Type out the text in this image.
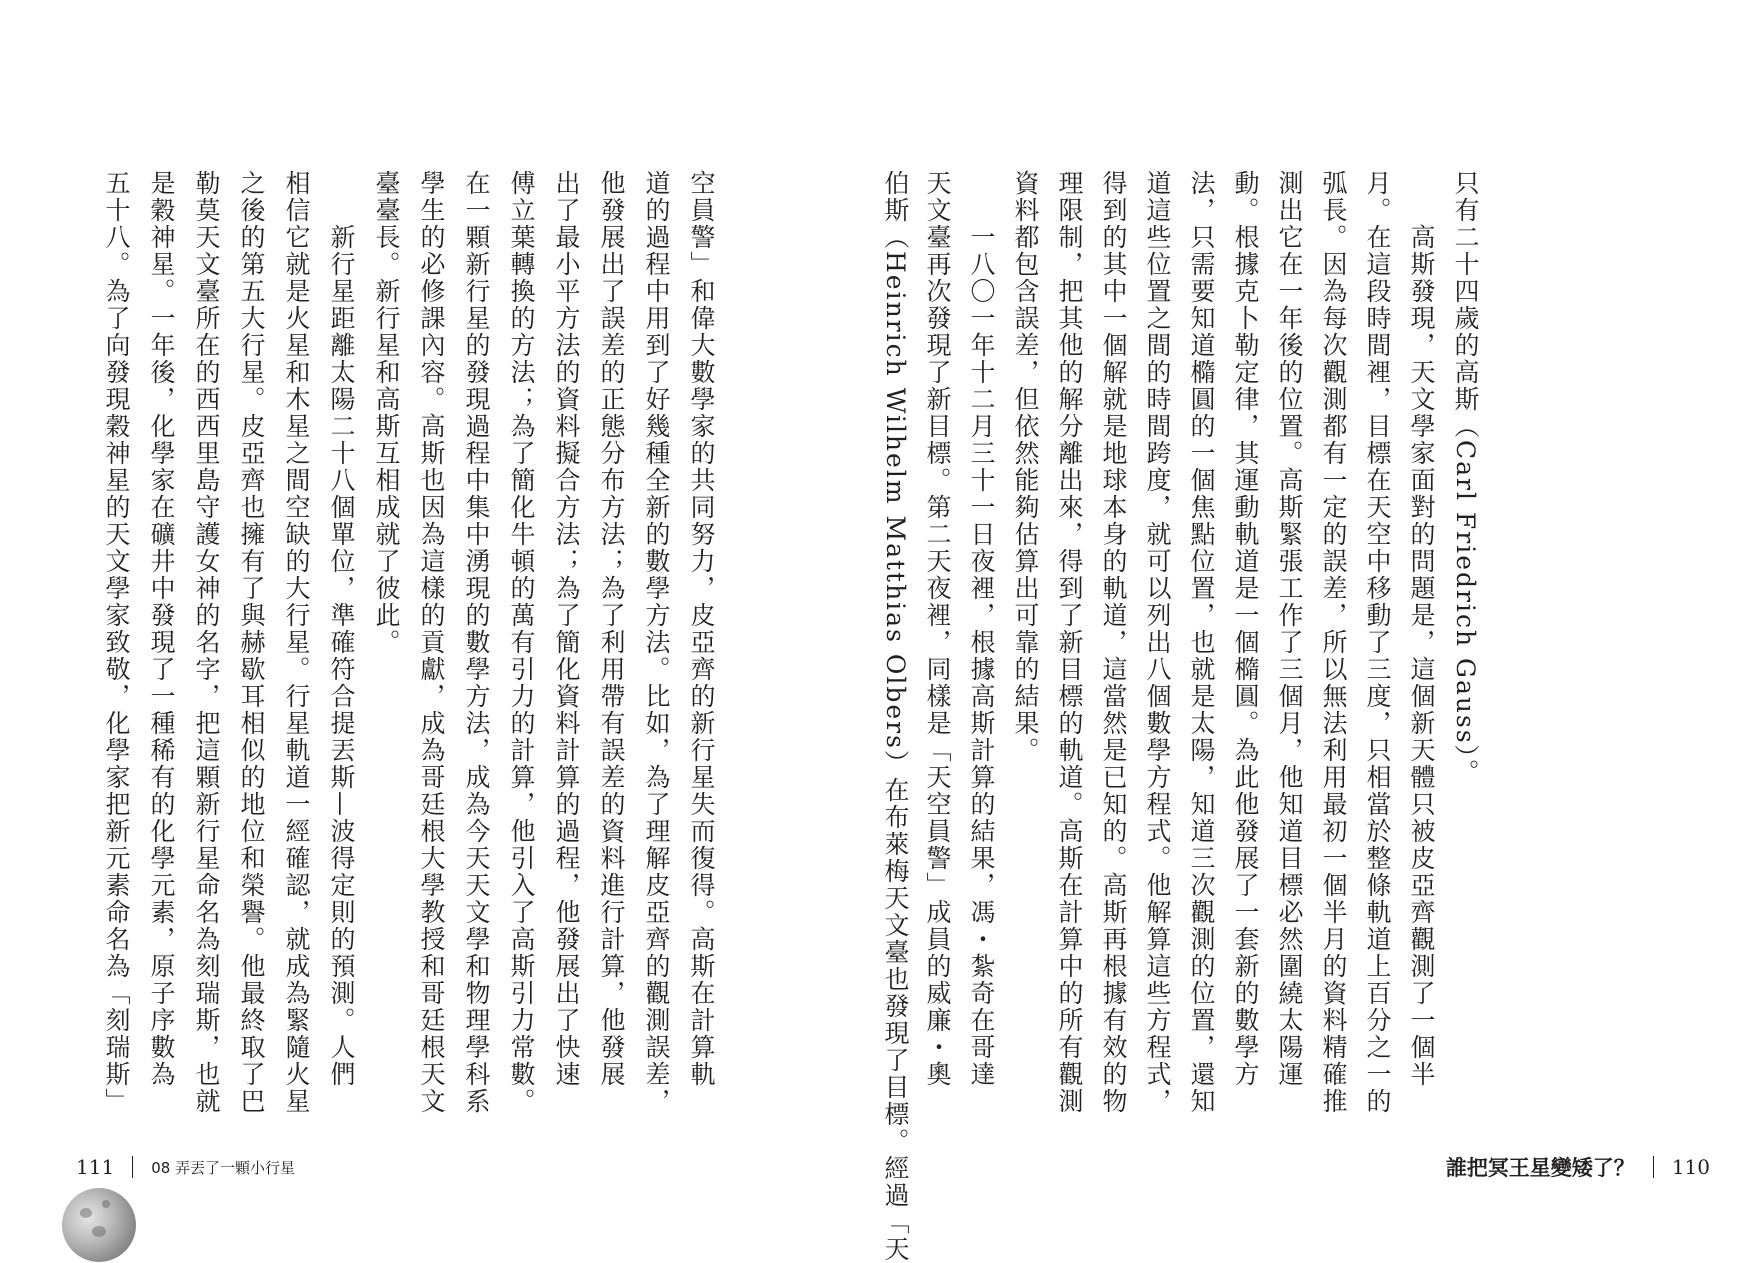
空員警」和偉大數學家的共同努力，皮亞齊的新行星失而復得。高斯在計算軌
道的過程中用到了好幾種全新的數學方法。比如，為了理解皮亞齊的觀測誤差，
他發展出了誤差的正態分布方法；為了利用帶有誤差的資料進行計算，他發展
出了最小平方法的資料擬合方法；為了簡化資料計算的過程，他發展出了快速
傅立葉轉換的方法；為了簡化牛頓的萬有引力的計算，他引入了高斯引力常數。
在一顆新行星的發現過程中集中湧現的數學方法，成為今天天文學和物理學科系
學生的必修課內容。高斯也因為這樣的貢獻，成為哥廷根大學教授和哥廷根天文
臺臺長。新行星和高斯互相成就了彼此。
　　新行星距離太陽二十八個單位，準確符合提丟斯—波得定則的預測。人們
相信它就是火星和木星之間空缺的大行星。行星軌道一經確認，就成為緊隨火星
之後的第五大行星。皮亞齊也擁有了與赫歇耳相似的地位和榮譽。他最終取了巴
勒莫天文臺所在的西西里島守護女神的名字，把這顆新行星命名為刻瑞斯，也就
是穀神星。一年後，化學家在礦井中發現了一種稀有的化學元素，原子序數為
五十八。為了向發現穀神星的天文學家致敬，化學家把新元素命名為「刻瑞斯」
111 08 弄丟了一顆小行星
只有二十四歲的高斯（Carl Friedrich Gauss）。
　　高斯發現，天文學家面對的問題是，這個新天體只被皮亞齊觀測了一個半
月。在這段時間裡，目標在天空中移動了三度，只相當於整條軌道上百分之一的
弧長。因為每次觀測都有一定的誤差，所以無法利用最初一個半月的資料精確推
測出它在一年後的位置。高斯緊張工作了三個月，他知道目標必然圍繞太陽運
動。根據克卜勒定律，其運動軌道是一個橢圓。為此他發展了一套新的數學方
法，只需要知道橢圓的一個焦點位置，也就是太陽，知道三次觀測的位置，還知
道這些位置之間的時間跨度，就可以列出八個數學方程式。他解算這些方程式，
得到的其中一個解就是地球本身的軌道，這當然是已知的。高斯再根據有效的物
理限制，把其他的解分離出來，得到了新目標的軌道。高斯在計算中的所有觀測
資料都包含誤差，但依然能夠估算出可靠的結果。
　　一八〇一年十二月三十一日夜裡，根據高斯計算的結果，馮・紮奇在哥達
天文臺再次發現了新目標。第二天夜裡，同樣是「天空員警」成員的威廉・奧
伯斯（Heinrich Wilhelm Matthias Olbers）在布萊梅天文臺也發現了目標。經過「天	誰把冥王星變矮了？ 110
